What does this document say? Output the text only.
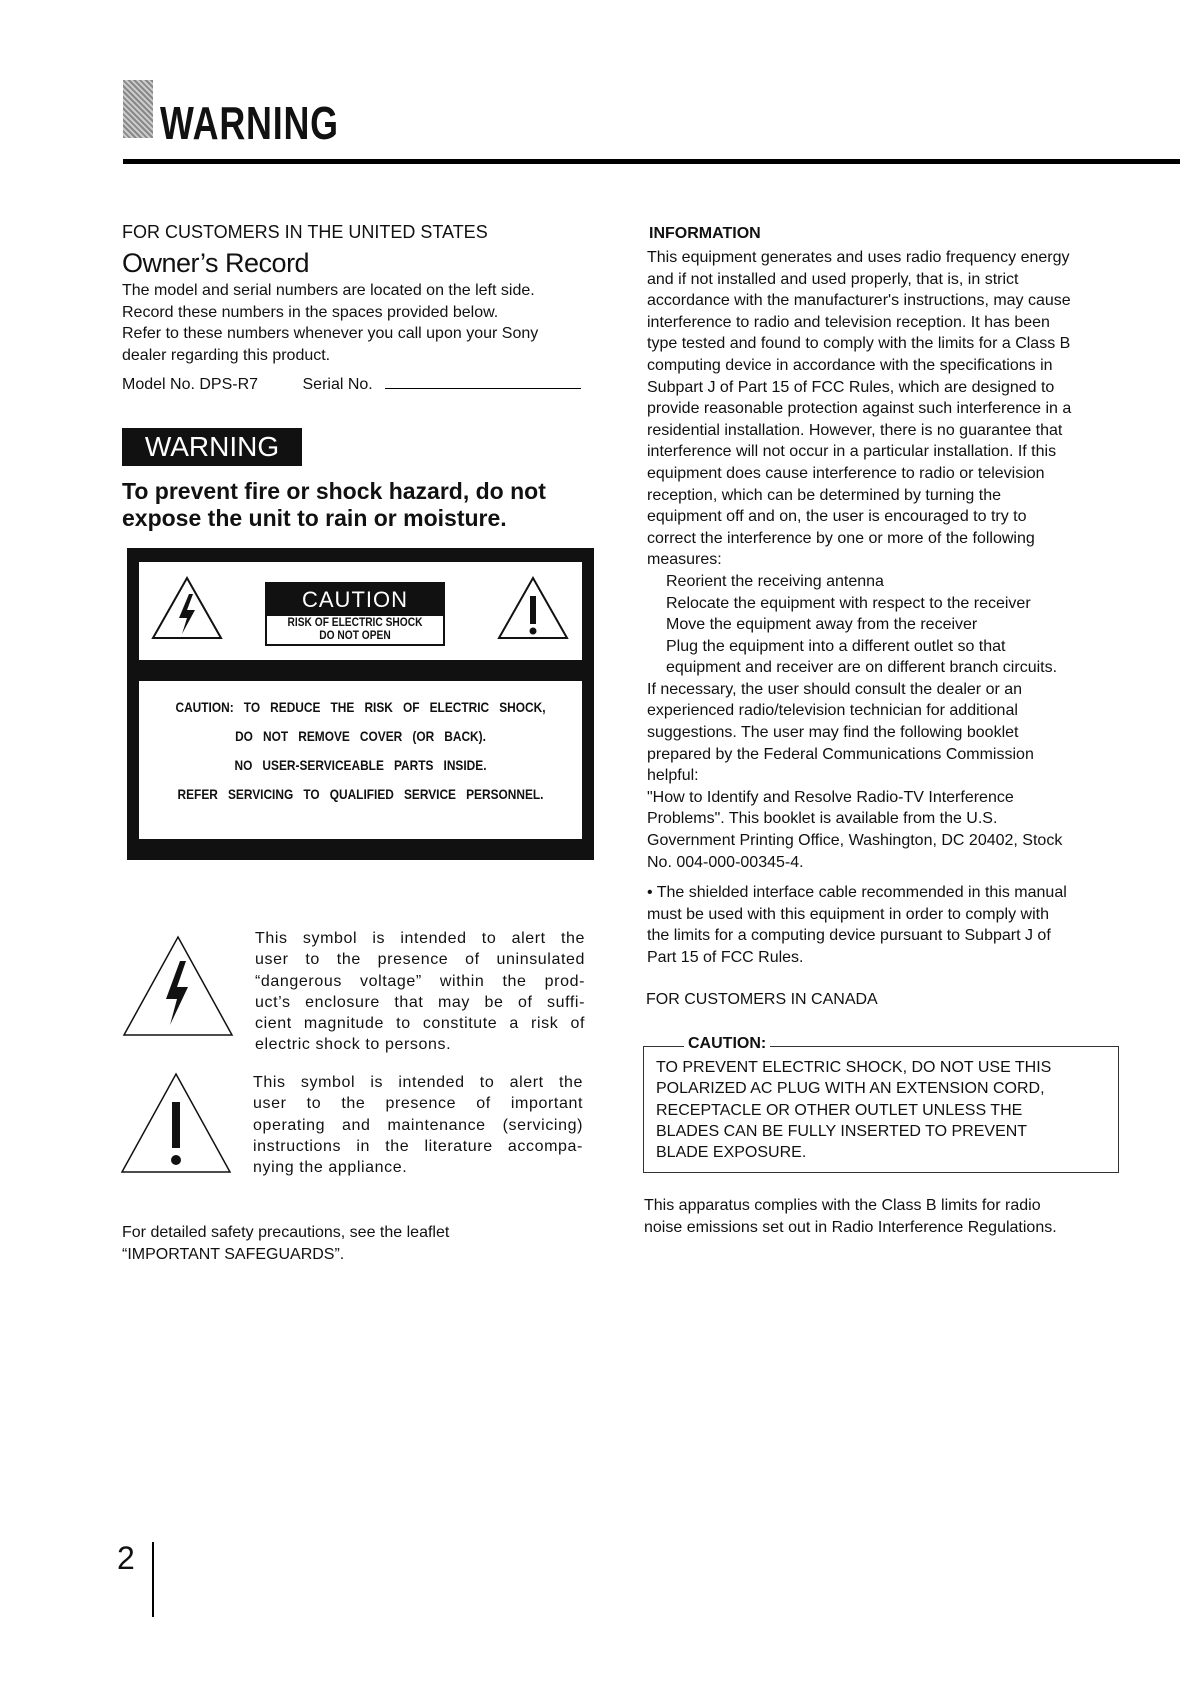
WARNING
FOR CUSTOMERS IN THE UNITED STATES
Owner’s Record
The model and serial numbers are located on the left side.
Record these numbers in the spaces provided below.
Refer to these numbers whenever you call upon your Sony
dealer regarding this product.
Model No. DPS-R7	Serial No.
WARNING
To prevent fire or shock hazard, do not
expose the unit to rain or moisture.
CAUTION
RISK OF ELECTRIC SHOCK
DO NOT OPEN
CAUTION: TO REDUCE THE RISK OF ELECTRIC SHOCK,
DO NOT REMOVE COVER (OR BACK).
NO USER-SERVICEABLE PARTS INSIDE.
REFER SERVICING TO QUALIFIED SERVICE PERSONNEL.
This symbol is intended to alert the
user to the presence of uninsulated
“dangerous voltage” within the prod-
uct’s enclosure that may be of suffi-
cient magnitude to constitute a risk of
electric shock to persons.
This symbol is intended to alert the
user to the presence of important
operating and maintenance (servicing)
instructions in the literature accompa-
nying the appliance.
For detailed safety precautions, see the leaflet
“IMPORTANT SAFEGUARDS”.
INFORMATION
This equipment generates and uses radio frequency energy
and if not installed and used properly, that is, in strict
accordance with the manufacturer's instructions, may cause
interference to radio and television reception. It has been
type tested and found to comply with the limits for a Class B
computing device in accordance with the specifications in
Subpart J of Part 15 of FCC Rules, which are designed to
provide reasonable protection against such interference in a
residential installation. However, there is no guarantee that
interference will not occur in a particular installation. If this
equipment does cause interference to radio or television
reception, which can be determined by turning the
equipment off and on, the user is encouraged to try to
correct the interference by one or more of the following
measures:
Reorient the receiving antenna
Relocate the equipment with respect to the receiver
Move the equipment away from the receiver
Plug the equipment into a different outlet so that
equipment and receiver are on different branch circuits.
If necessary, the user should consult the dealer or an
experienced radio/television technician for additional
suggestions. The user may find the following booklet
prepared by the Federal Communications Commission
helpful:
"How to Identify and Resolve Radio-TV Interference
Problems". This booklet is available from the U.S.
Government Printing Office, Washington, DC 20402, Stock
No. 004-000-00345-4.
• The shielded interface cable recommended in this manual
must be used with this equipment in order to comply with
the limits for a computing device pursuant to Subpart J of
Part 15 of FCC Rules.
FOR CUSTOMERS IN CANADA
CAUTION:
TO PREVENT ELECTRIC SHOCK, DO NOT USE THIS
POLARIZED AC PLUG WITH AN EXTENSION CORD,
RECEPTACLE OR OTHER OUTLET UNLESS THE
BLADES CAN BE FULLY INSERTED TO PREVENT
BLADE EXPOSURE.
This apparatus complies with the Class B limits for radio
noise emissions set out in Radio Interference Regulations.
2
